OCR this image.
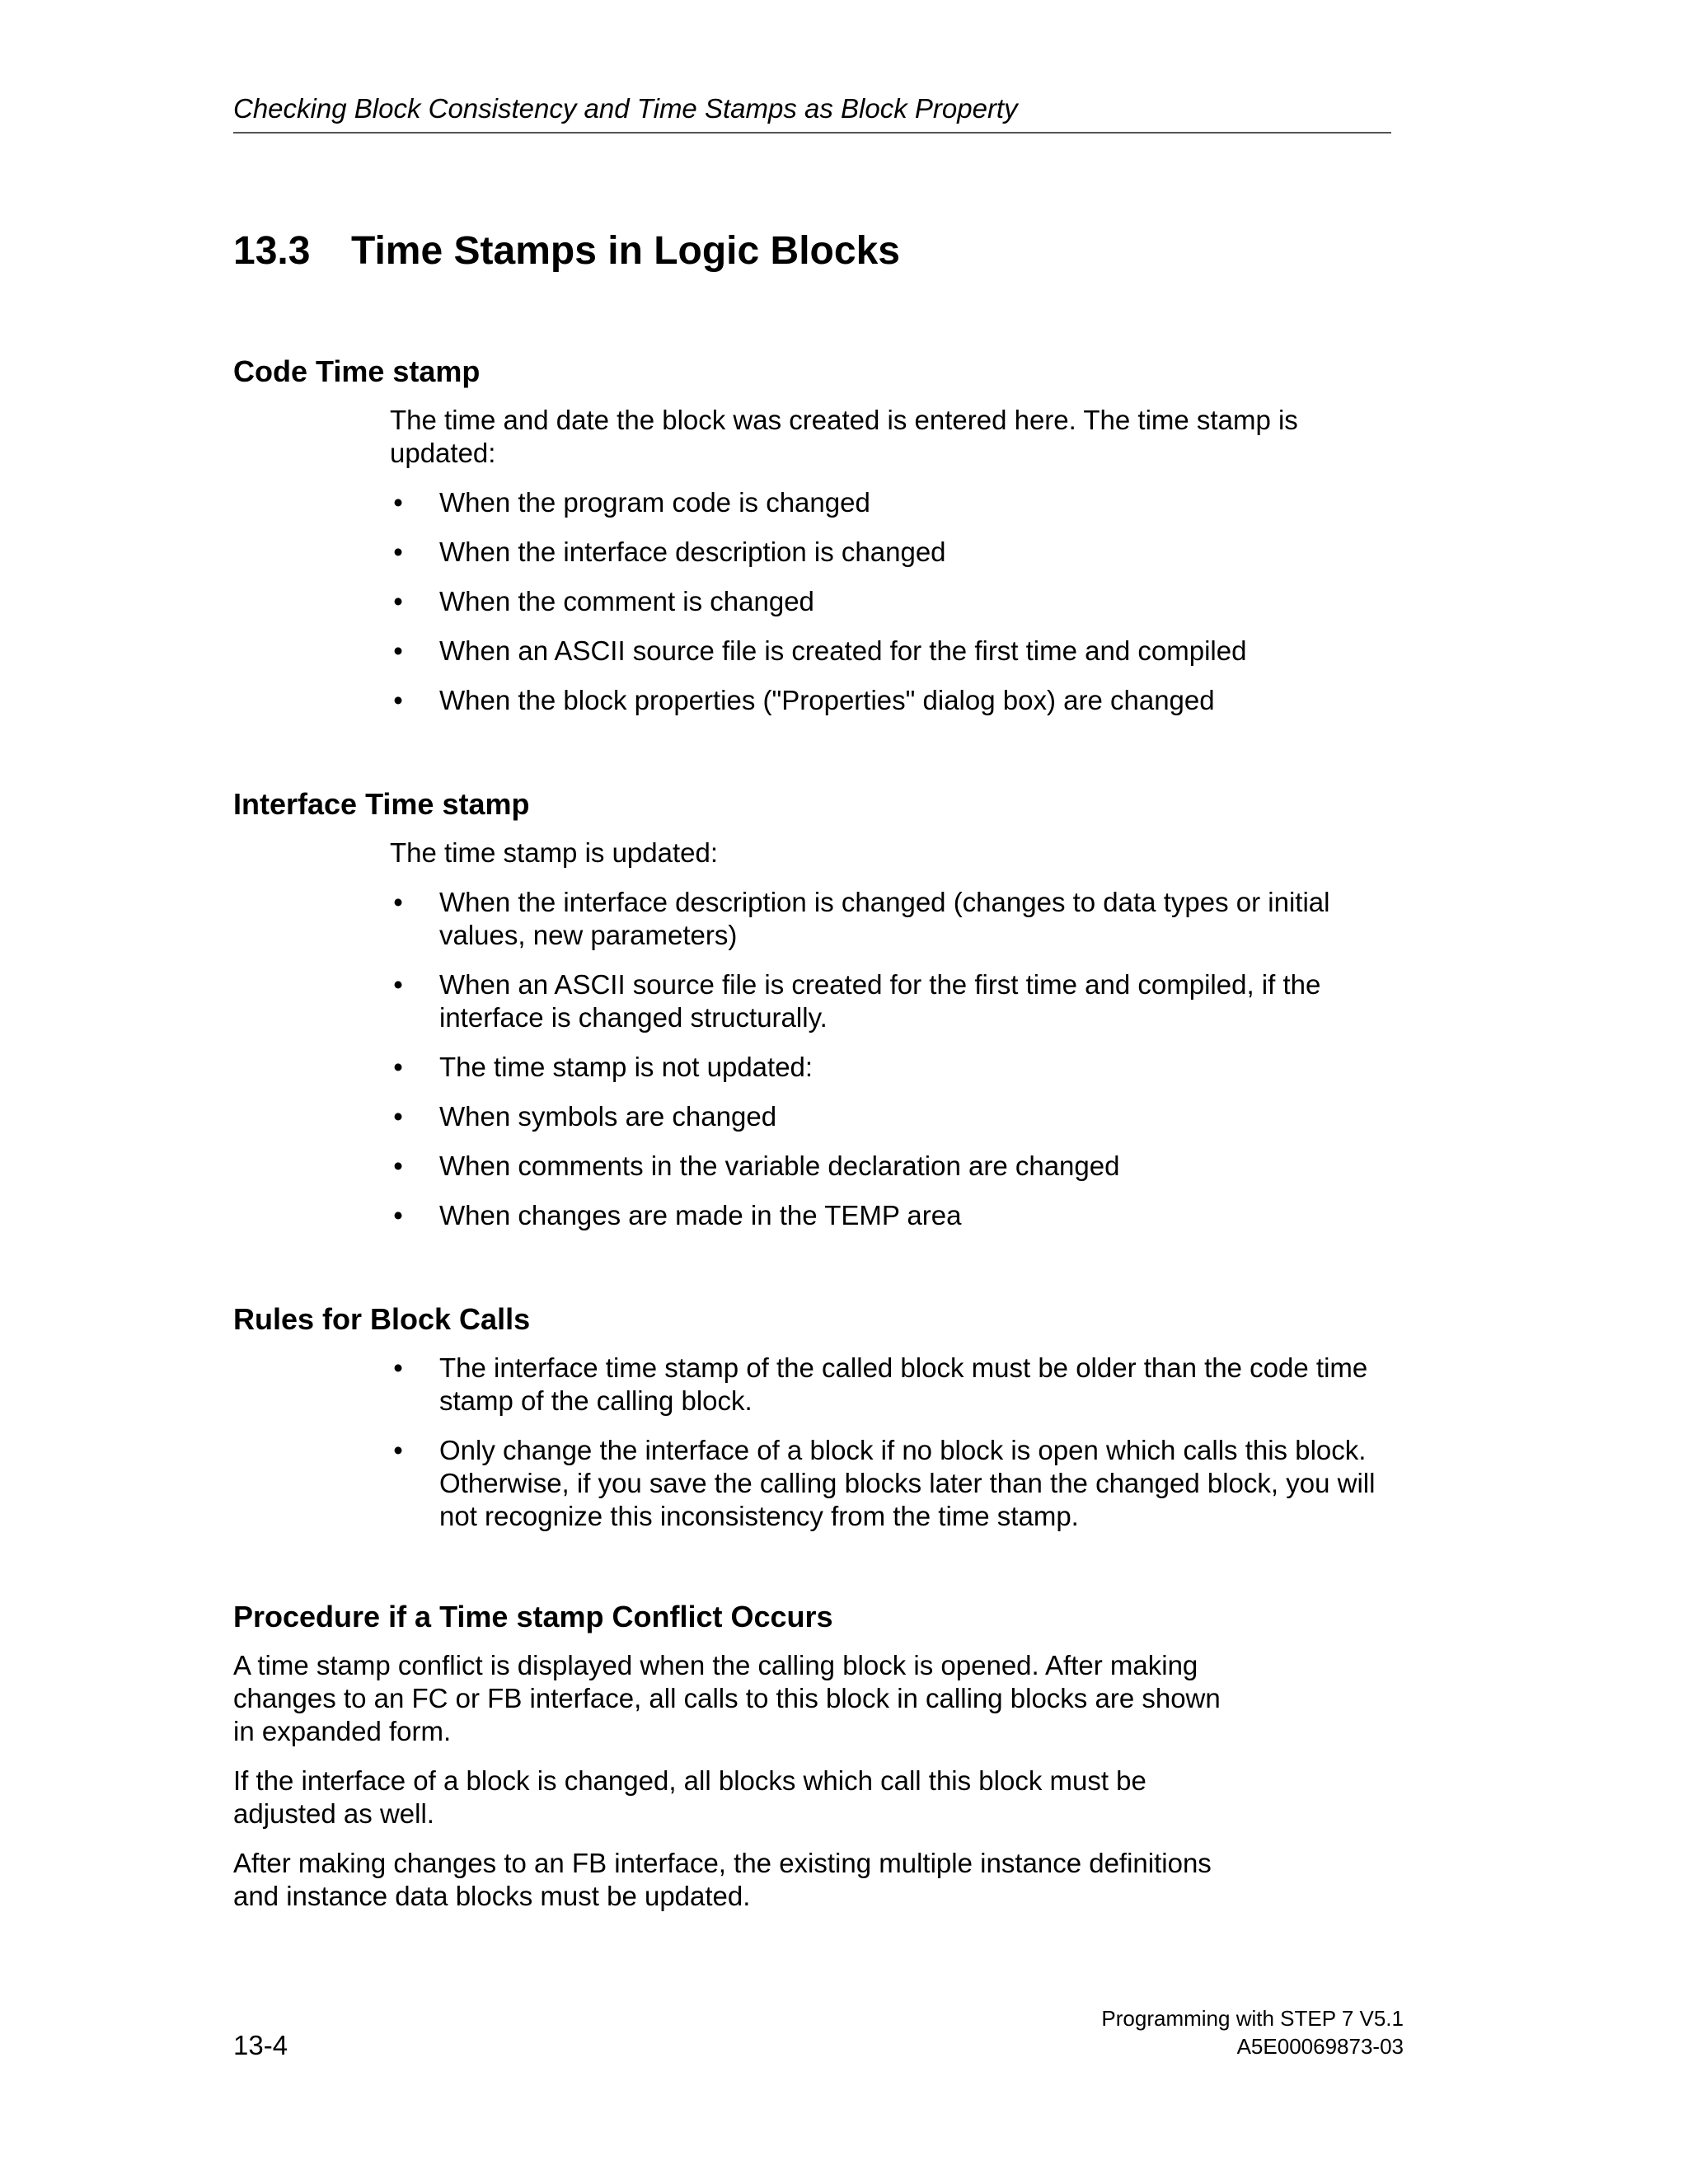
Checking Block Consistency and Time Stamps as Block Property
13.3 Time Stamps in Logic Blocks
Code Time stamp

The time and date the block was created is entered here. The time stamp is updated:

• When the program code is changed
• When the interface description is changed
• When the comment is changed
• When an ASCII source file is created for the first time and compiled
• When the block properties ("Properties" dialog box) are changed
Interface Time stamp

The time stamp is updated:

• When the interface description is changed (changes to data types or initial values, new parameters)
• When an ASCII source file is created for the first time and compiled, if the interface is changed structurally.
• The time stamp is not updated:
• When symbols are changed
• When comments in the variable declaration are changed
• When changes are made in the TEMP area
Rules for Block Calls
• The interface time stamp of the called block must be older than the code time stamp of the calling block.
• Only change the interface of a block if no block is open which calls this block. Otherwise, if you save the calling blocks later than the changed block, you will not recognize this inconsistency from the time stamp.
Procedure if a Time stamp Conflict Occurs

A time stamp conflict is displayed when the calling block is opened. After making changes to an FC or FB interface, all calls to this block in calling blocks are shown in expanded form.

If the interface of a block is changed, all blocks which call this block must be adjusted as well.

After making changes to an FB interface, the existing multiple instance definitions and instance data blocks must be updated.

13-4
Programming with STEP 7 V5.1
A5E00069873-03
